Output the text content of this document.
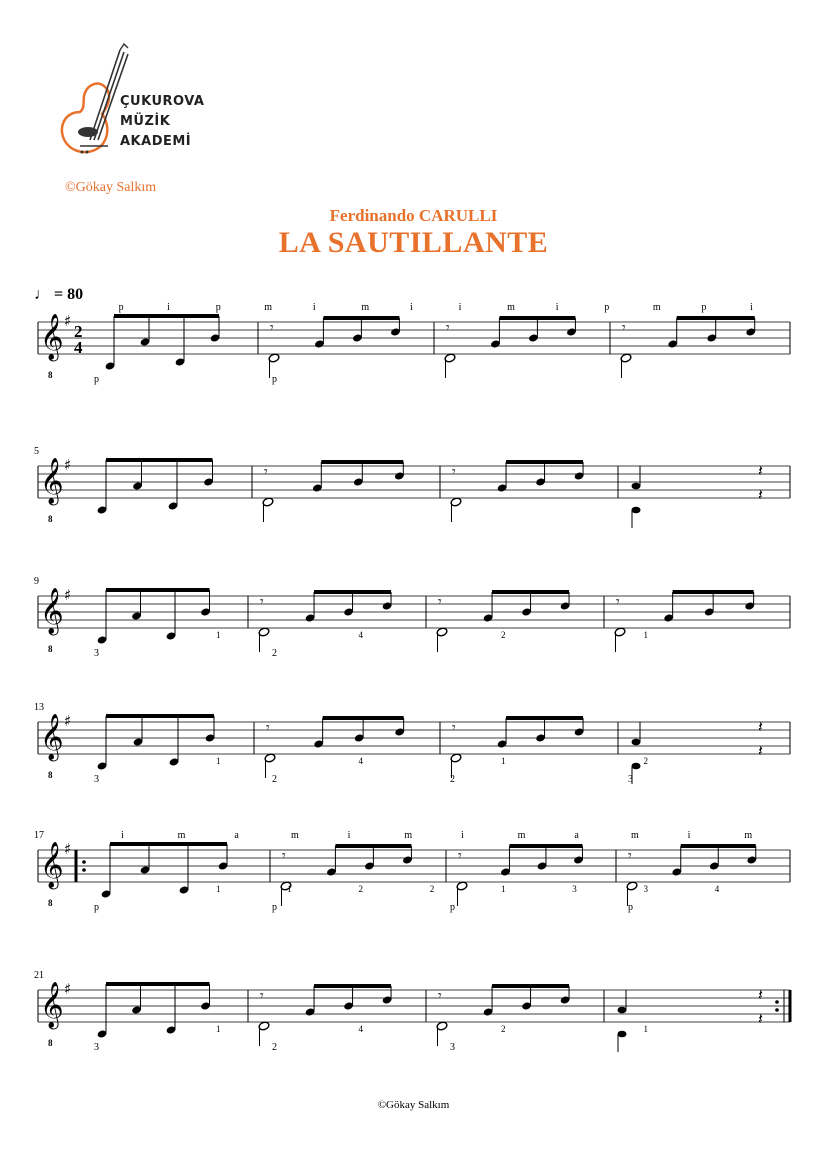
ÇUKUROVA
MÜZİK
AKADEMİ
©Gökay Salkım
Ferdinando CARULLI
LA SAUTILLANTE
♩ = 80
𝄞
8
♯
2
4
𝄾	𝄾	𝄾
p	i	p	m	i	m	i	i	m	i	p	m	p	i
p	p
𝄞
8
♯
5
𝄾	𝄾	𝄽
𝄽
𝄞
8
♯
9
𝄾	𝄾	𝄾
1	4	2	1
3	2
𝄞
8
♯
13
𝄾	𝄾	𝄽
𝄽
1	4	1	2
3	2	2	3
𝄞
8
♯
17
𝄾	𝄾	𝄾
i	m	a	m	i	m	i	m	a	m	i	m
1	1	2	2	1	3	3	4
p	p	p	p
𝄞
8
♯
21
𝄾	𝄾	𝄽
𝄽
1	4	2	1
3	2	3
©Gökay Salkım
